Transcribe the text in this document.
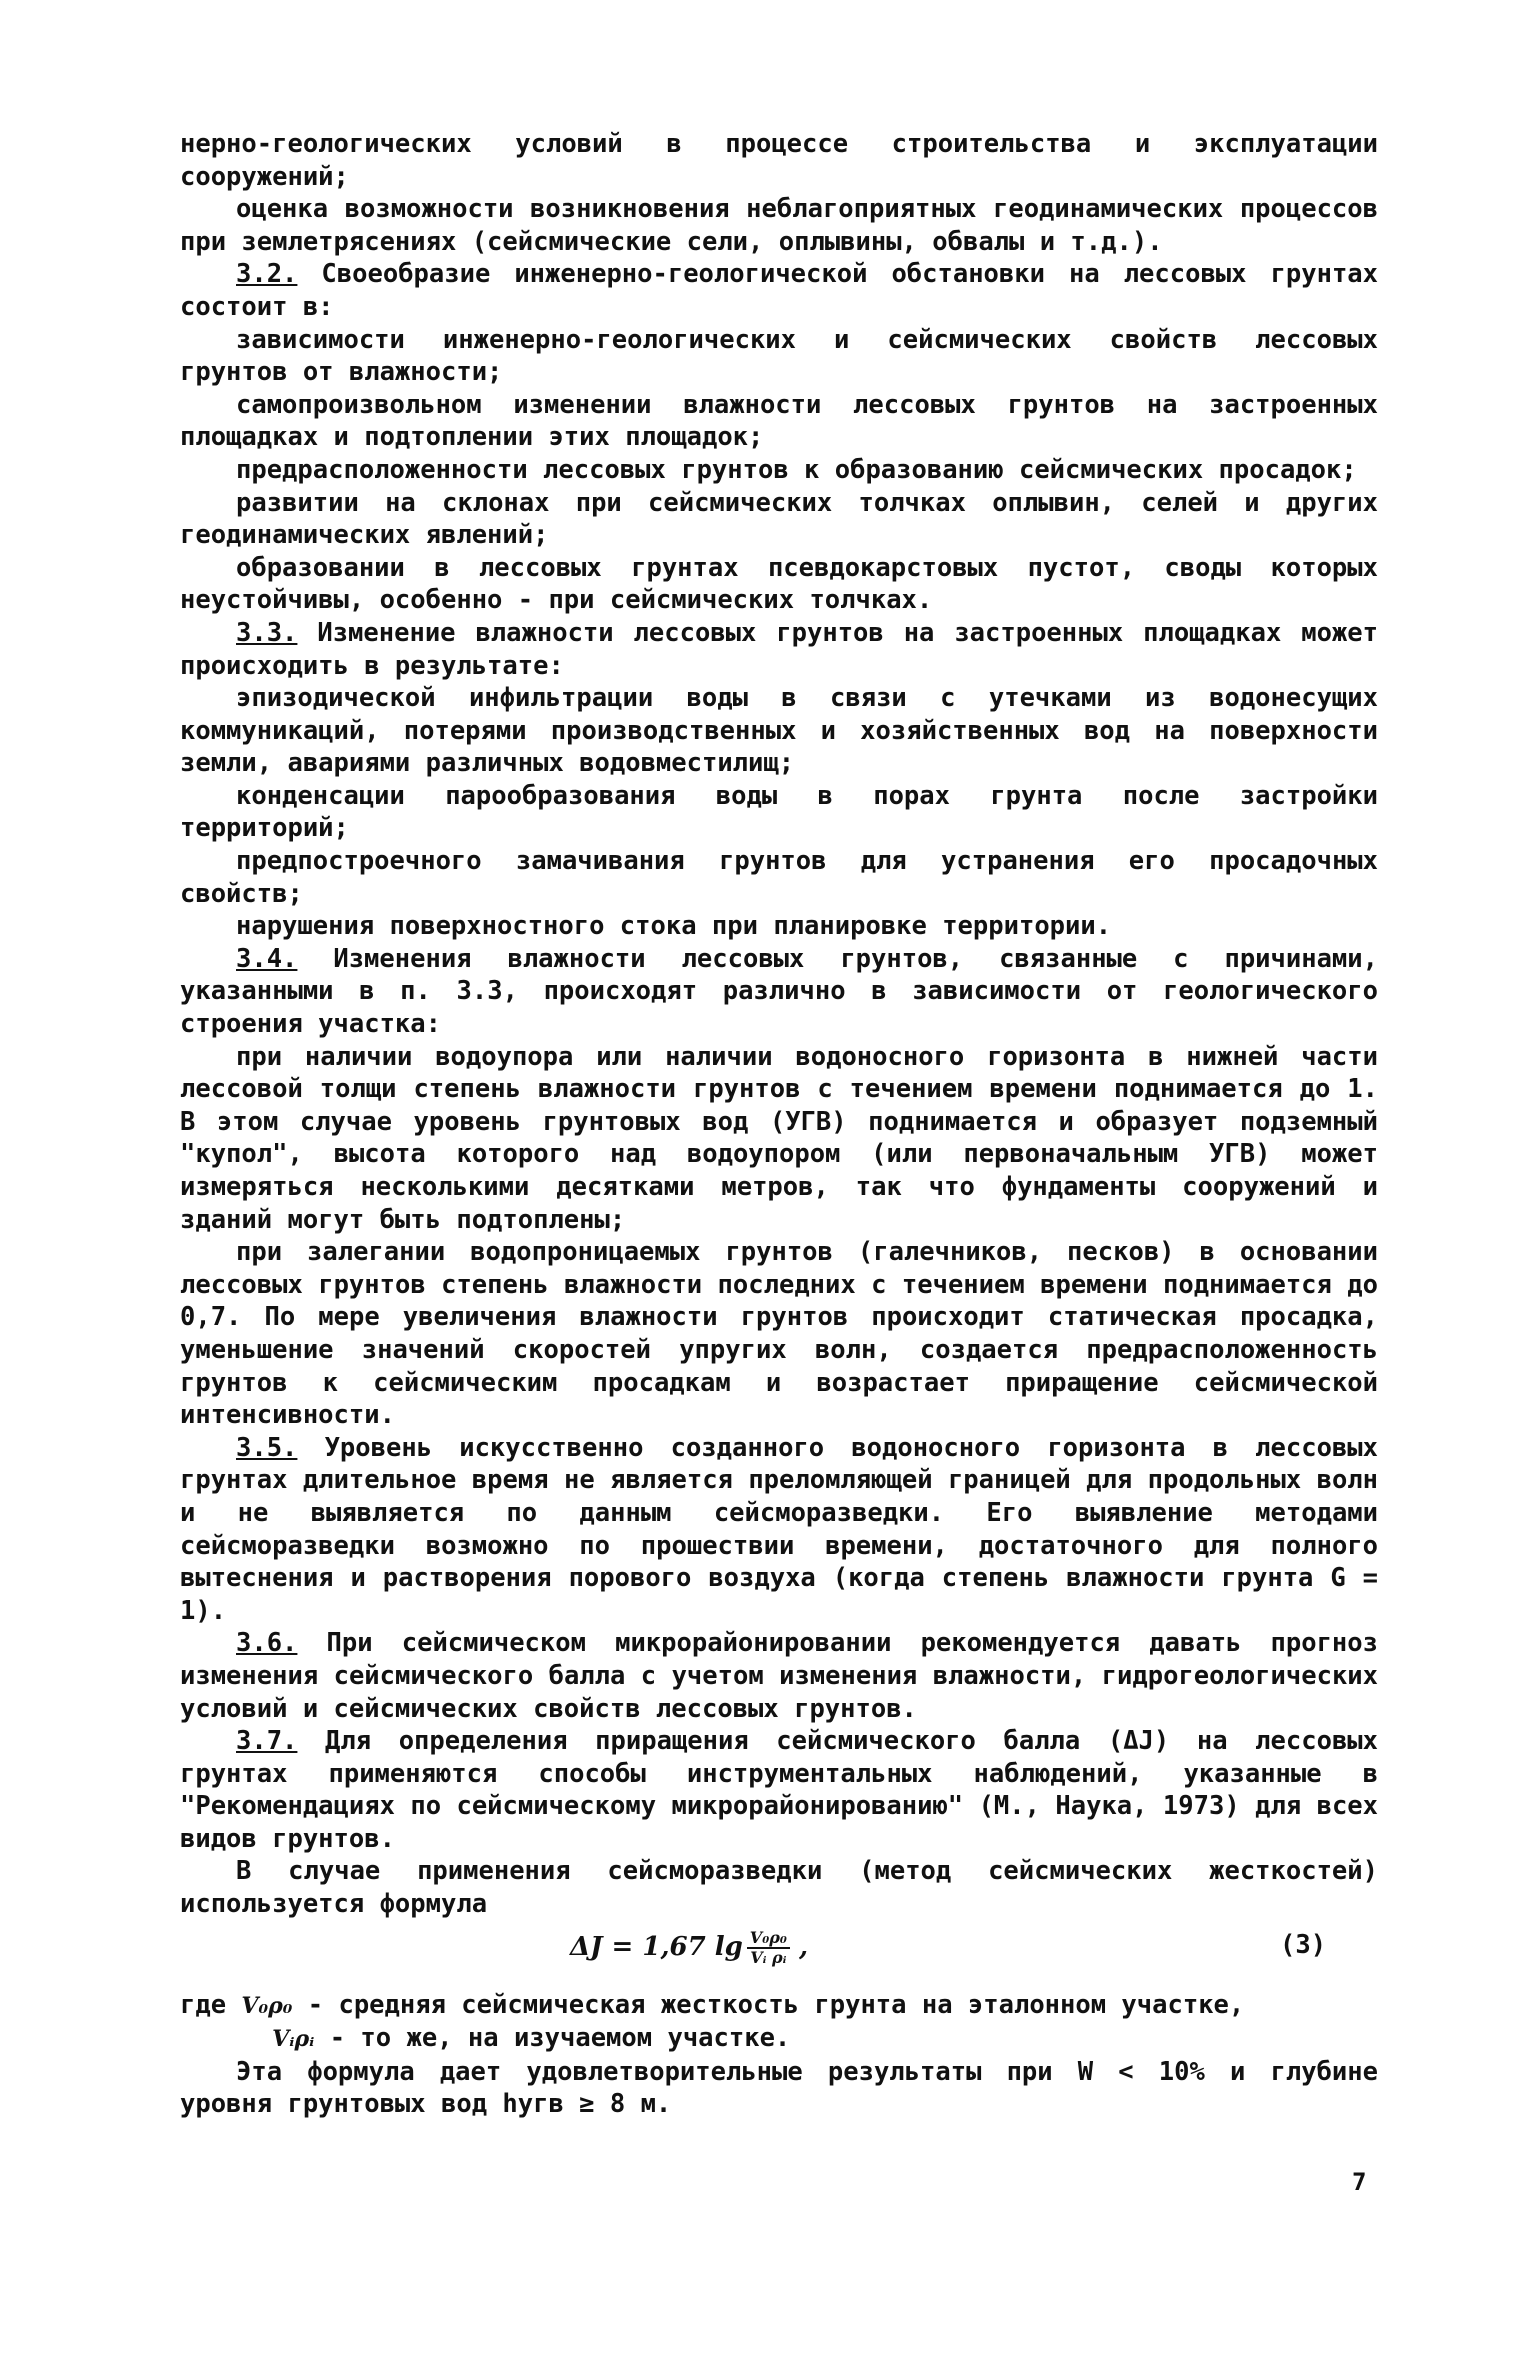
нерно-геологических условий в процессе строительства и эксплуатации сооружений;

оценка возможности возникновения неблагоприятных геодинамических процессов при землетрясениях (сейсмические сели, оплывины, обвалы и т.д.).

3.2. Своеобразие инженерно-геологической обстановки на лессовых грунтах состоит в:

зависимости инженерно-геологических и сейсмических свойств лессовых грунтов от влажности;

самопроизвольном изменении влажности лессовых грунтов на застроенных площадках и подтоплении этих площадок;

предрасположенности лессовых грунтов к образованию сейсмических просадок;

развитии на склонах при сейсмических толчках оплывин, селей и других геодинамических явлений;

образовании в лессовых грунтах псевдокарстовых пустот, своды которых неустойчивы, особенно - при сейсмических толчках.

3.3. Изменение влажности лессовых грунтов на застроенных площадках может происходить в результате:

эпизодической инфильтрации воды в связи с утечками из водонесущих коммуникаций, потерями производственных и хозяйственных вод на поверхности земли, авариями различных водовместилищ;

конденсации парообразования воды в порах грунта после застройки территорий;

предпостроечного замачивания грунтов для устранения его просадочных свойств;

нарушения поверхностного стока при планировке территории.

3.4. Изменения влажности лессовых грунтов, связанные с причинами, указанными в п. 3.3, происходят различно в зависимости от геологического строения участка:

при наличии водоупора или наличии водоносного горизонта в нижней части лессовой толщи степень влажности грунтов с течением времени поднимается до 1. В этом случае уровень грунтовых вод (УГВ) поднимается и образует подземный "купол", высота которого над водоупором (или первоначальным УГВ) может измеряться несколькими десятками метров, так что фундаменты сооружений и зданий могут быть подтоплены;

при залегании водопроницаемых грунтов (галечников, песков) в основании лессовых грунтов степень влажности последних с течением времени поднимается до 0,7. По мере увеличения влажности грунтов происходит статическая просадка, уменьшение значений скоростей упругих волн, создается предрасположенность грунтов к сейсмическим просадкам и возрастает приращение сейсмической интенсивности.

3.5. Уровень искусственно созданного водоносного горизонта в лессовых грунтах длительное время не является преломляющей границей для продольных волн и не выявляется по данным сейсморазведки. Его выявление методами сейсморазведки возможно по прошествии времени, достаточного для полного вытеснения и растворения порового воздуха (когда степень влажности грунта G = 1).

3.6. При сейсмическом микрорайонировании рекомендуется давать прогноз изменения сейсмического балла с учетом изменения влажности, гидрогеологических условий и сейсмических свойств лессовых грунтов.

3.7. Для определения приращения сейсмического балла (ΔJ) на лессовых грунтах применяются способы инструментальных наблюдений, указанные в "Рекомендациях по сейсмическому микрорайонированию" (М., Наука, 1973) для всех видов грунтов.

В случае применения сейсморазведки (метод сейсмических жесткостей) используется формула

ΔJ = 1,67 $\lg \frac{\text{V₀ρ₀}}{\text{Vᵢ ρᵢ}}$ ,	(3)

где V₀ρ₀ - средняя сейсмическая жесткость грунта на эталонном участке,

Vᵢρᵢ - то же, на изучаемом участке.

Эта формула дает удовлетворительные результаты при W < 10% и глубине уровня грунтовых вод hугв ≥ 8 м.

7
